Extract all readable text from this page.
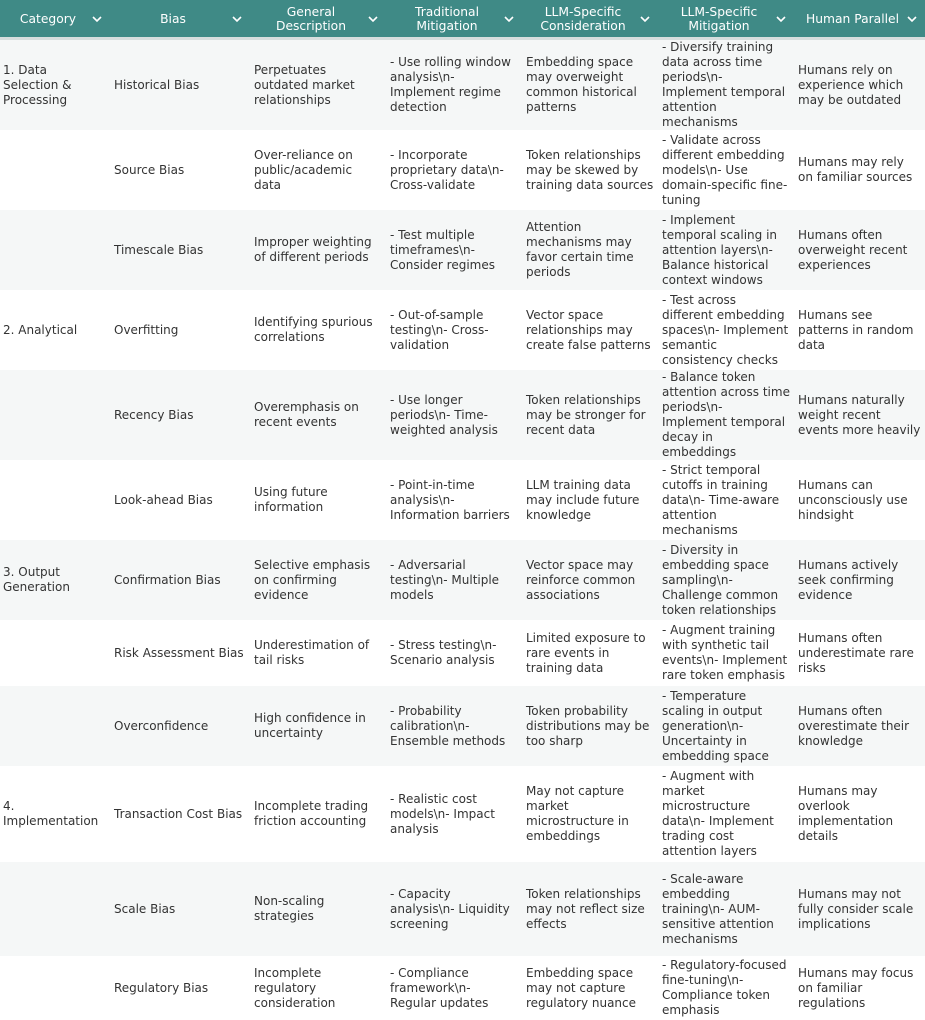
Category	Bias	General Description	Traditional Mitigation	LLM-Specific Consideration	LLM-Specific Mitigation	Human Parallel

1. Data Selection & Processing	Historical Bias	Perpetuates outdated market relationships	- Use rolling window analysis\n- Implement regime detection	Embedding space may overweight common historical patterns	- Diversify training data across time periods\n- Implement temporal attention mechanisms	Humans rely on experience which may be outdated
	Source Bias	Over-reliance on public/academic data	- Incorporate proprietary data\n- Cross-validate	Token relationships may be skewed by training data sources	- Validate across different embedding models\n- Use domain-specific fine-tuning	Humans may rely on familiar sources
	Timescale Bias	Improper weighting of different periods	- Test multiple timeframes\n- Consider regimes	Attention mechanisms may favor certain time periods	- Implement temporal scaling in attention layers\n- Balance historical context windows	Humans often overweight recent experiences
2. Analytical	Overfitting	Identifying spurious correlations	- Out-of-sample testing\n- Cross-validation	Vector space relationships may create false patterns	- Test across different embedding spaces\n- Implement semantic consistency checks	Humans see patterns in random data
	Recency Bias	Overemphasis on recent events	- Use longer periods\n- Time-weighted analysis	Token relationships may be stronger for recent data	- Balance token attention across time periods\n- Implement temporal decay in embeddings	Humans naturally weight recent events more heavily
	Look-ahead Bias	Using future information	- Point-in-time analysis\n- Information barriers	LLM training data may include future knowledge	- Strict temporal cutoffs in training data\n- Time-aware attention mechanisms	Humans can unconsciously use hindsight
3. Output Generation	Confirmation Bias	Selective emphasis on confirming evidence	- Adversarial testing\n- Multiple models	Vector space may reinforce common associations	- Diversity in embedding space sampling\n- Challenge common token relationships	Humans actively seek confirming evidence
	Risk Assessment Bias	Underestimation of tail risks	- Stress testing\n- Scenario analysis	Limited exposure to rare events in training data	- Augment training with synthetic tail events\n- Implement rare token emphasis	Humans often underestimate rare risks
	Overconfidence	High confidence in uncertainty	- Probability calibration\n- Ensemble methods	Token probability distributions may be too sharp	- Temperature scaling in output generation\n- Uncertainty in embedding space	Humans often overestimate their knowledge
4. Implementation	Transaction Cost Bias	Incomplete trading friction accounting	- Realistic cost models\n- Impact analysis	May not capture market microstructure in embeddings	- Augment with market microstructure data\n- Implement trading cost attention layers	Humans may overlook implementation details
	Scale Bias	Non-scaling strategies	- Capacity analysis\n- Liquidity screening	Token relationships may not reflect size effects	- Scale-aware embedding training\n- AUM-sensitive attention mechanisms	Humans may not fully consider scale implications
	Regulatory Bias	Incomplete regulatory consideration	- Compliance framework\n- Regular updates	Embedding space may not capture regulatory nuance	- Regulatory-focused fine-tuning\n- Compliance token emphasis	Humans may focus on familiar regulations
